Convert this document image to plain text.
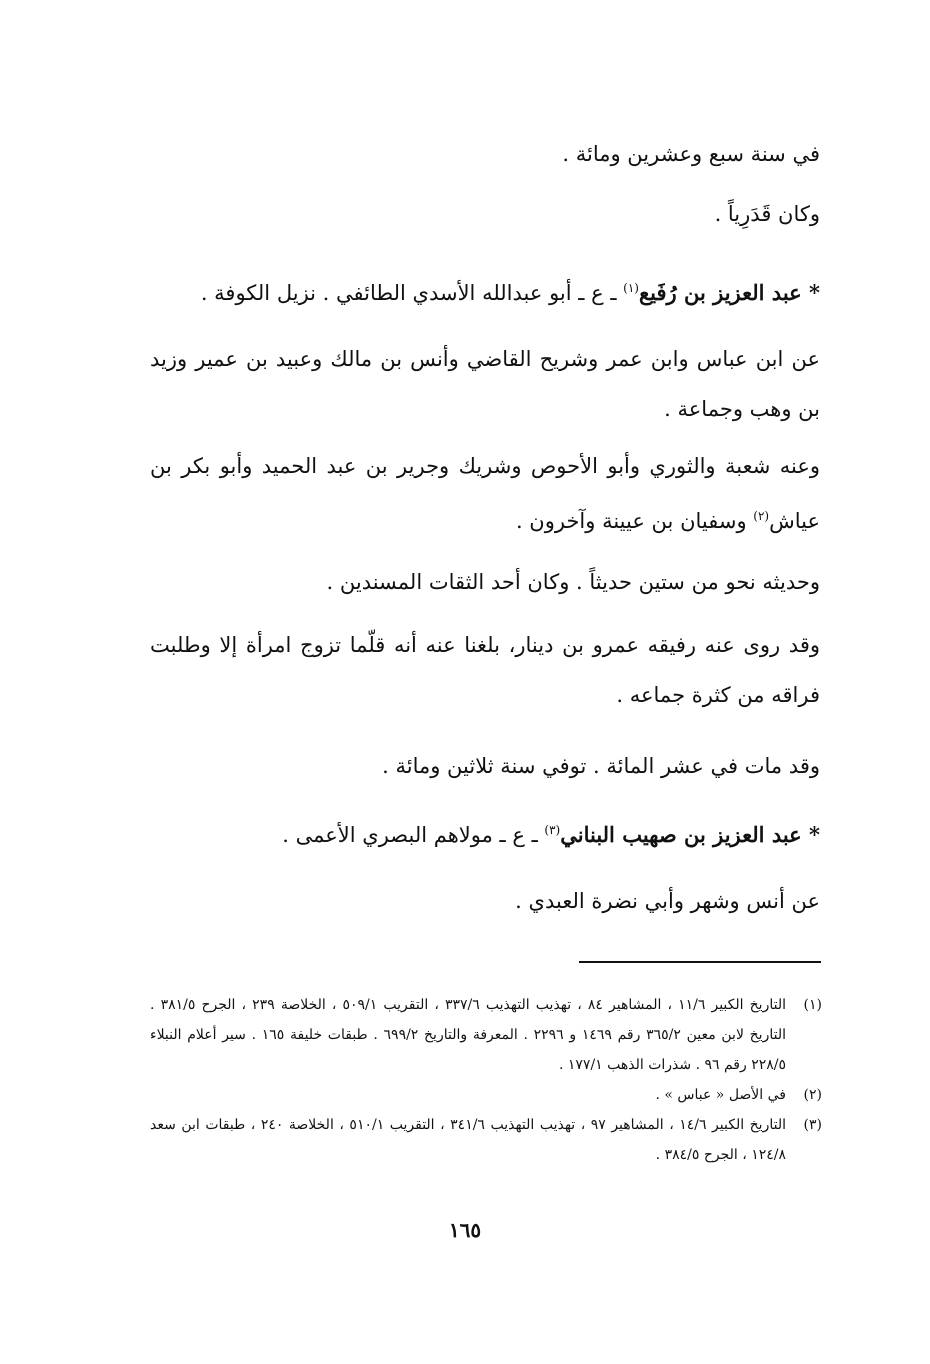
في سنة سبع وعشرين ومائة .

وكان قَدَرِياً .

* عبد العزيز بن رُفَيع$^{(١)}$ ـ ع ـ أبو عبدالله الأسدي الطائفي . نزيل الكوفة .

عن ابن عباس وابن عمر وشريح القاضي وأنس بن مالك وعبيد بن عمير وزيد بن وهب وجماعة .

وعنه شعبة والثوري وأبو الأحوص وشريك وجرير بن عبد الحميد وأبو بكر بن عياش$^{(٢)}$ وسفيان بن عيينة وآخرون .

وحديثه نحو من ستين حديثاً . وكان أحد الثقات المسندين .

وقد روى عنه رفيقه عمرو بن دينار، بلغنا عنه أنه قلّما تزوج امرأة إلا وطلبت فراقه من كثرة جماعه .

وقد مات في عشر المائة . توفي سنة ثلاثين ومائة .

* عبد العزيز بن صهيب البناني$^{(٣)}$ ـ ع ـ مولاهم البصري الأعمى .

عن أنس وشهر وأبي نضرة العبدي .

(١)
التاريخ الكبير ١١/٦ ، المشاهير ٨٤ ، تهذيب التهذيب ٣٣٧/٦ ، التقريب ٥٠٩/١ ، الخلاصة ٢٣٩ ، الجرح ٣٨١/٥ . التاريخ لابن معين ٣٦٥/٢ رقم ١٤٦٩ و ٢٢٩٦ . المعرفة والتاريخ ٦٩٩/٢ . طبقات خليفة ١٦٥ . سير أعلام النبلاء ٢٢٨/٥ رقم ٩٦ . شذرات الذهب ١٧٧/١ .

(٢)
في الأصل « عباس » .

(٣)
التاريخ الكبير ١٤/٦ ، المشاهير ٩٧ ، تهذيب التهذيب ٣٤١/٦ ، التقريب ٥١٠/١ ، الخلاصة ٢٤٠ ، طبقات ابن سعد ١٢٤/٨ ، الجرح ٣٨٤/٥ .

١٦٥
